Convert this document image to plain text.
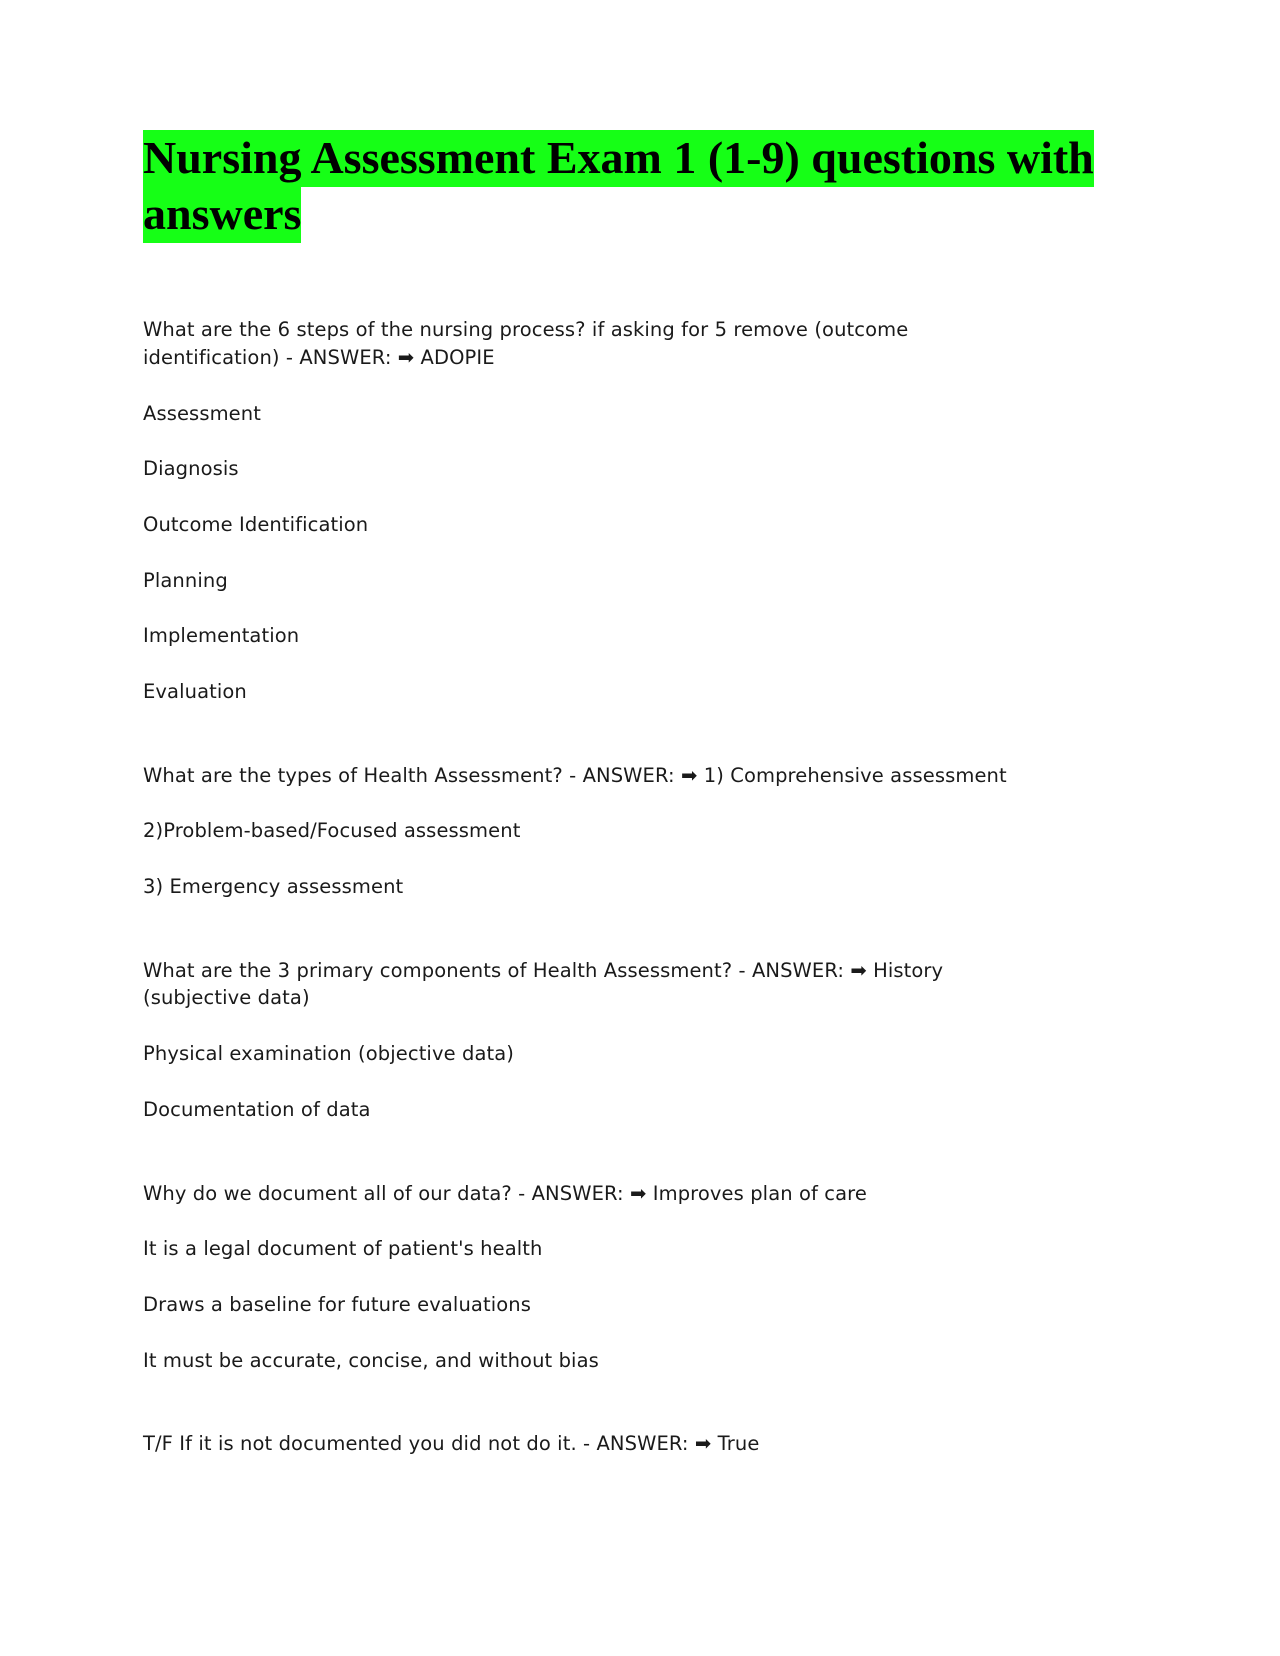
Nursing Assessment Exam 1 (1-9) questions with answers

What are the 6 steps of the nursing process? if asking for 5 remove (outcome identification) - ANSWER: ➡ ADOPIE

Assessment

Diagnosis

Outcome Identification

Planning

Implementation

Evaluation

What are the types of Health Assessment? - ANSWER: ➡ 1) Comprehensive assessment

2)Problem-based/Focused assessment

3) Emergency assessment

What are the 3 primary components of Health Assessment? - ANSWER: ➡ History (subjective data)

Physical examination (objective data)

Documentation of data

Why do we document all of our data? - ANSWER: ➡ Improves plan of care

It is a legal document of patient's health

Draws a baseline for future evaluations

It must be accurate, concise, and without bias

T/F If it is not documented you did not do it. - ANSWER: ➡ True
